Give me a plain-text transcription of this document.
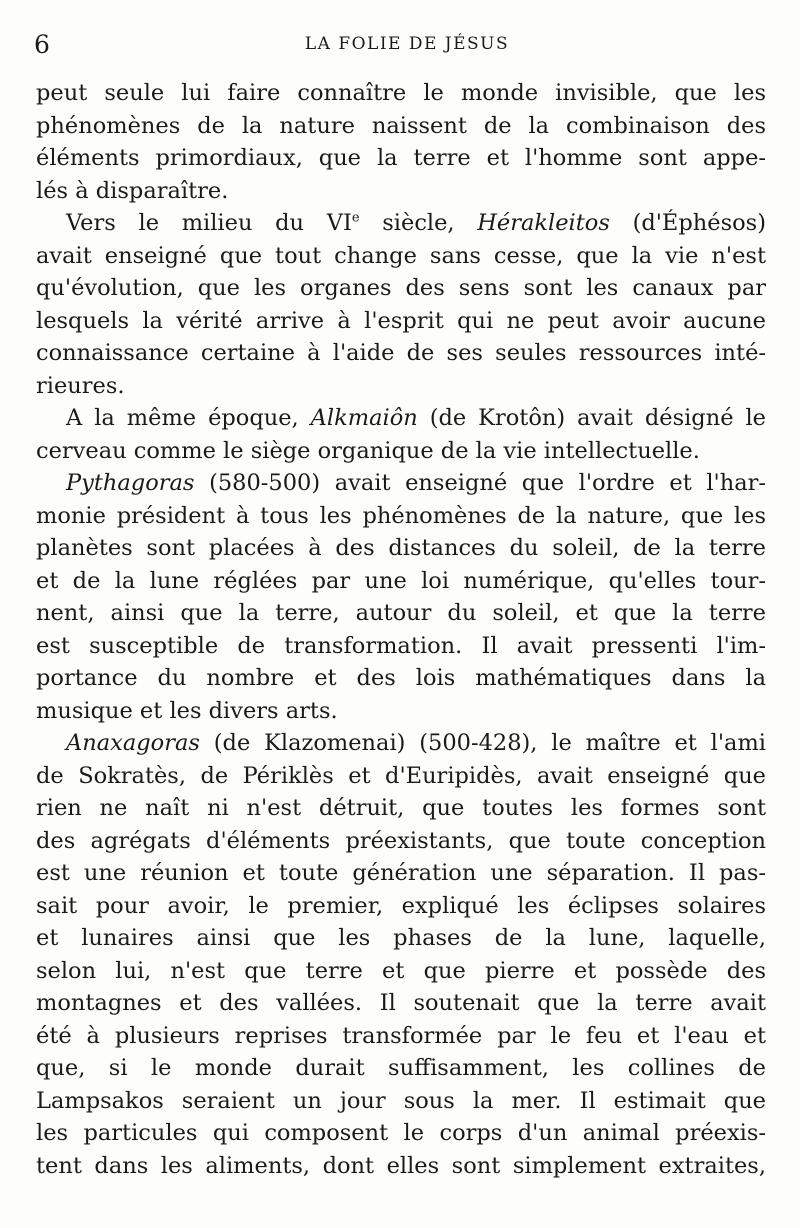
6	LA FOLIE DE JÉSUS
peut seule lui faire connaître le monde invisible, que les
phénomènes de la nature naissent de la combinaison des
éléments primordiaux, que la terre et l'homme sont appe-
lés à disparaître.
Vers le milieu du VIe siècle, Hérakleitos (d'Éphésos)
avait enseigné que tout change sans cesse, que la vie n'est
qu'évolution, que les organes des sens sont les canaux par
lesquels la vérité arrive à l'esprit qui ne peut avoir aucune
connaissance certaine à l'aide de ses seules ressources inté-
rieures.
A la même époque, Alkmaiôn (de Krotôn) avait désigné le
cerveau comme le siège organique de la vie intellectuelle.
Pythagoras (580-500) avait enseigné que l'ordre et l'har-
monie président à tous les phénomènes de la nature, que les
planètes sont placées à des distances du soleil, de la terre
et de la lune réglées par une loi numérique, qu'elles tour-
nent, ainsi que la terre, autour du soleil, et que la terre
est susceptible de transformation. Il avait pressenti l'im-
portance du nombre et des lois mathématiques dans la
musique et les divers arts.
Anaxagoras (de Klazomenai) (500-428), le maître et l'ami
de Sokratès, de Périklès et d'Euripidès, avait enseigné que
rien ne naît ni n'est détruit, que toutes les formes sont
des agrégats d'éléments préexistants, que toute conception
est une réunion et toute génération une séparation. Il pas-
sait pour avoir, le premier, expliqué les éclipses solaires
et lunaires ainsi que les phases de la lune, laquelle,
selon lui, n'est que terre et que pierre et possède des
montagnes et des vallées. Il soutenait que la terre avait
été à plusieurs reprises transformée par le feu et l'eau et
que, si le monde durait suffisamment, les collines de
Lampsakos seraient un jour sous la mer. Il estimait que
les particules qui composent le corps d'un animal préexis-
tent dans les aliments, dont elles sont simplement extraites,
